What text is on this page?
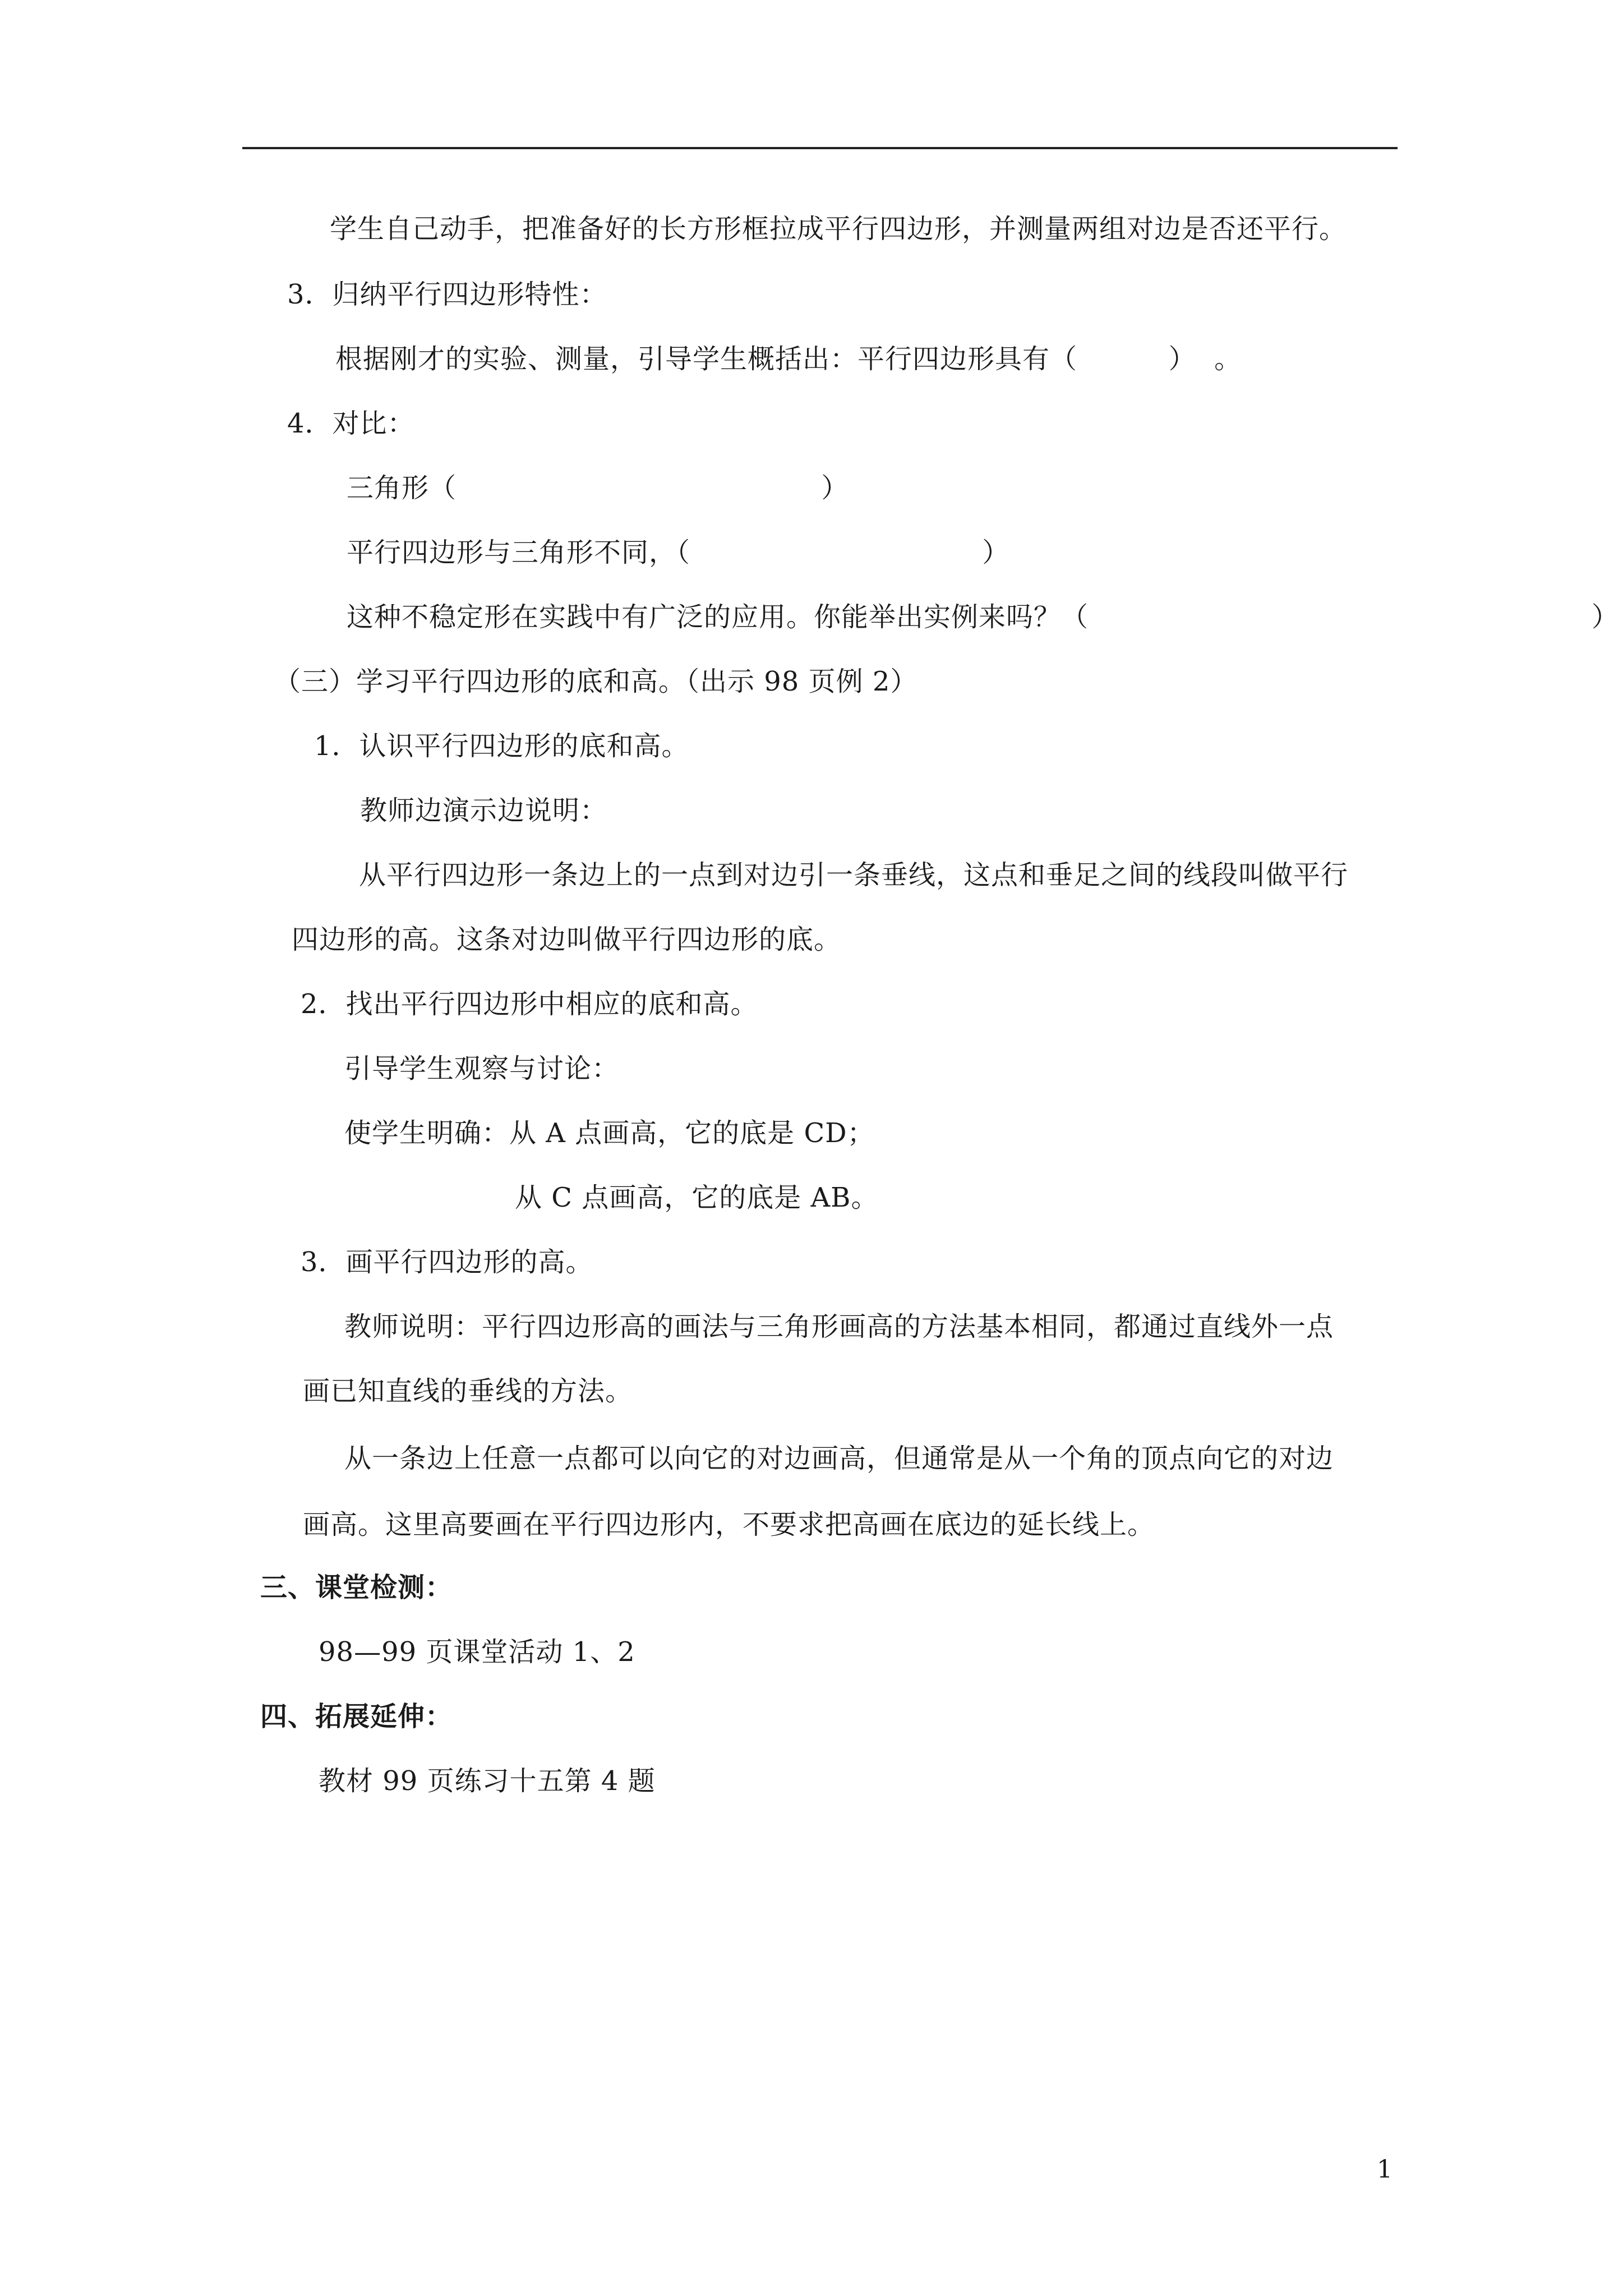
学生自己动手，把准备好的长方形框拉成平行四边形，并测量两组对边是否还平行。
3．归纳平行四边形特性：
根据刚才的实验、测量，引导学生概括出：平行四边形具有（          ）  。
4．对比：
三角形（                                        ）
平行四边形与三角形不同，（                                ）
这种不稳定形在实践中有广泛的应用。你能举出实例来吗？（	）
（三）学习平行四边形的底和高。（出示 98 页例 2）
1．认识平行四边形的底和高。
教师边演示边说明：
从平行四边形一条边上的一点到对边引一条垂线，这点和垂足之间的线段叫做平行
四边形的高。这条对边叫做平行四边形的底。
2．找出平行四边形中相应的底和高。
引导学生观察与讨论：
使学生明确：从 A 点画高，它的底是 CD；
从 C 点画高，它的底是 AB。
3．画平行四边形的高。
教师说明：平行四边形高的画法与三角形画高的方法基本相同，都通过直线外一点
画已知直线的垂线的方法。
从一条边上任意一点都可以向它的对边画高，但通常是从一个角的顶点向它的对边
画高。这里高要画在平行四边形内，不要求把高画在底边的延长线上。
三、课堂检测：
98—99 页课堂活动 1、2
四、拓展延伸：
教材 99 页练习十五第 4 题
1
